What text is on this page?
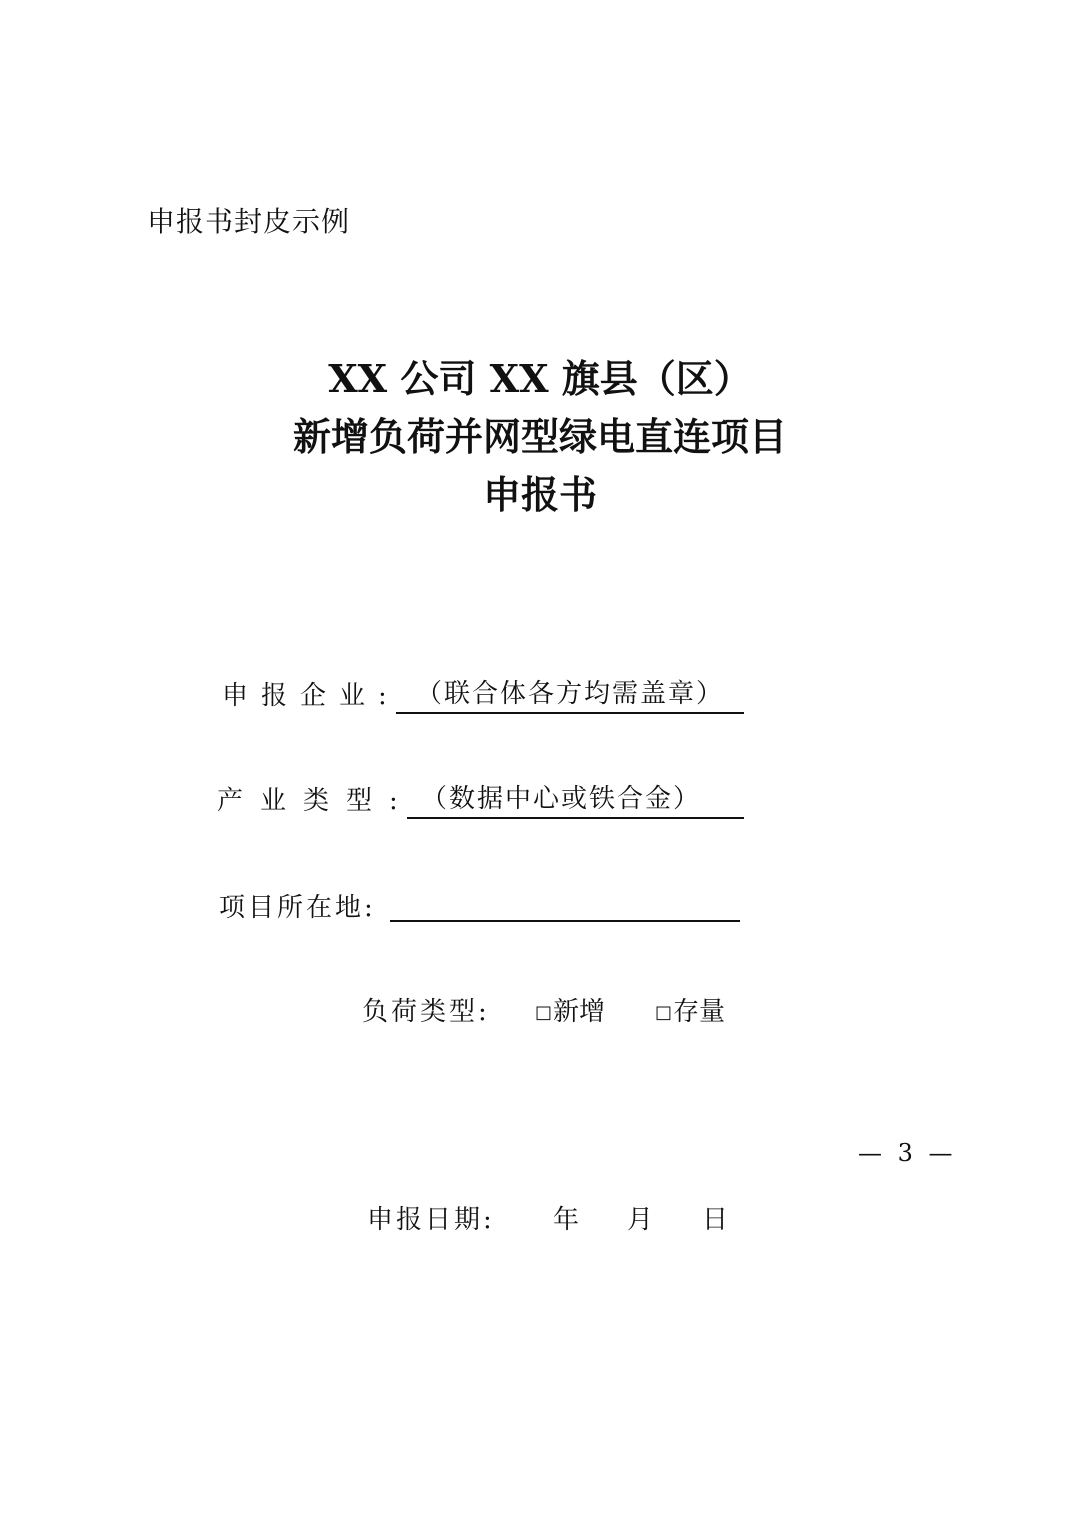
申报书封皮示例
XX 公司 XX 旗县（区）
新增负荷并网型绿电直连项目
申报书
申报企业: （联合体各方均需盖章）
产业类型: （数据中心或铁合金）
项目所在地:
负荷类型:	□新增	□存量
申报日期: 年 月 日
— 3 —
